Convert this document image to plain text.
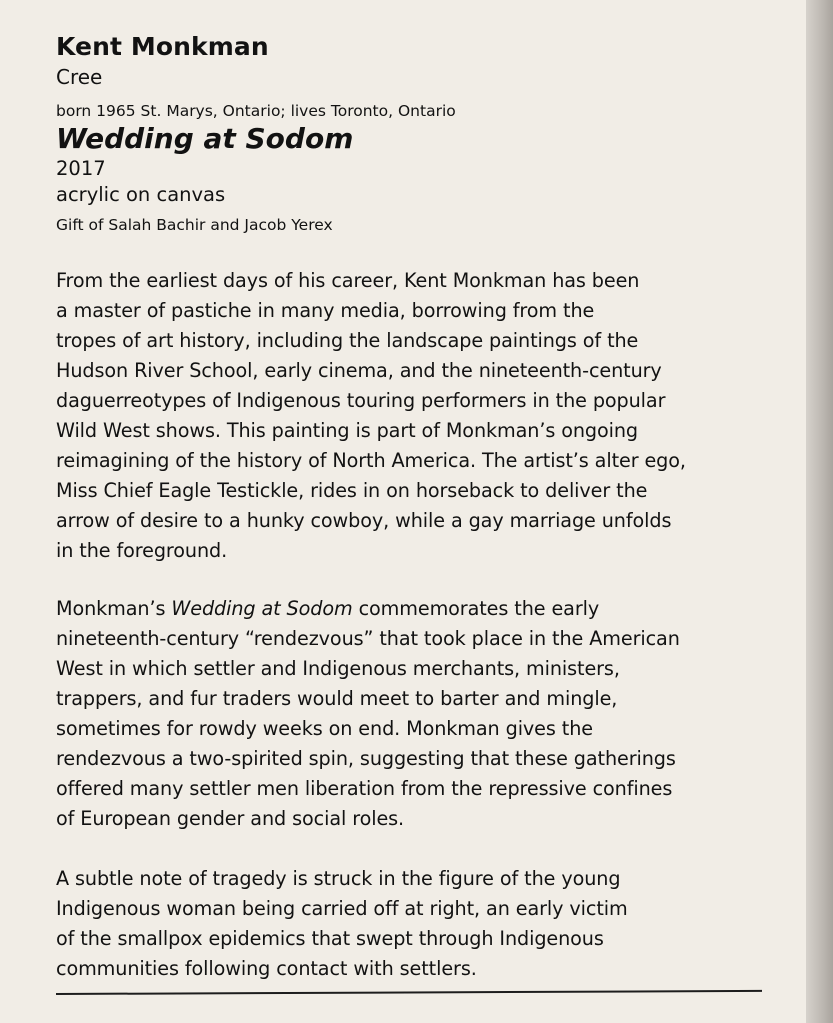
Kent Monkman
Cree
born 1965 St. Marys, Ontario; lives Toronto, Ontario
Wedding at Sodom
2017
acrylic on canvas
Gift of Salah Bachir and Jacob Yerex

From the earliest days of his career, Kent Monkman has been
a master of pastiche in many media, borrowing from the
tropes of art history, including the landscape paintings of the
Hudson River School, early cinema, and the nineteenth-century
daguerreotypes of Indigenous touring performers in the popular
Wild West shows. This painting is part of Monkman’s ongoing
reimagining of the history of North America. The artist’s alter ego,
Miss Chief Eagle Testickle, rides in on horseback to deliver the
arrow of desire to a hunky cowboy, while a gay marriage unfolds
in the foreground.

Monkman’s Wedding at Sodom commemorates the early
nineteenth-century “rendezvous” that took place in the American
West in which settler and Indigenous merchants, ministers,
trappers, and fur traders would meet to barter and mingle,
sometimes for rowdy weeks on end. Monkman gives the
rendezvous a two-spirited spin, suggesting that these gatherings
offered many settler men liberation from the repressive confines
of European gender and social roles.

A subtle note of tragedy is struck in the figure of the young
Indigenous woman being carried off at right, an early victim
of the smallpox epidemics that swept through Indigenous
communities following contact with settlers.
